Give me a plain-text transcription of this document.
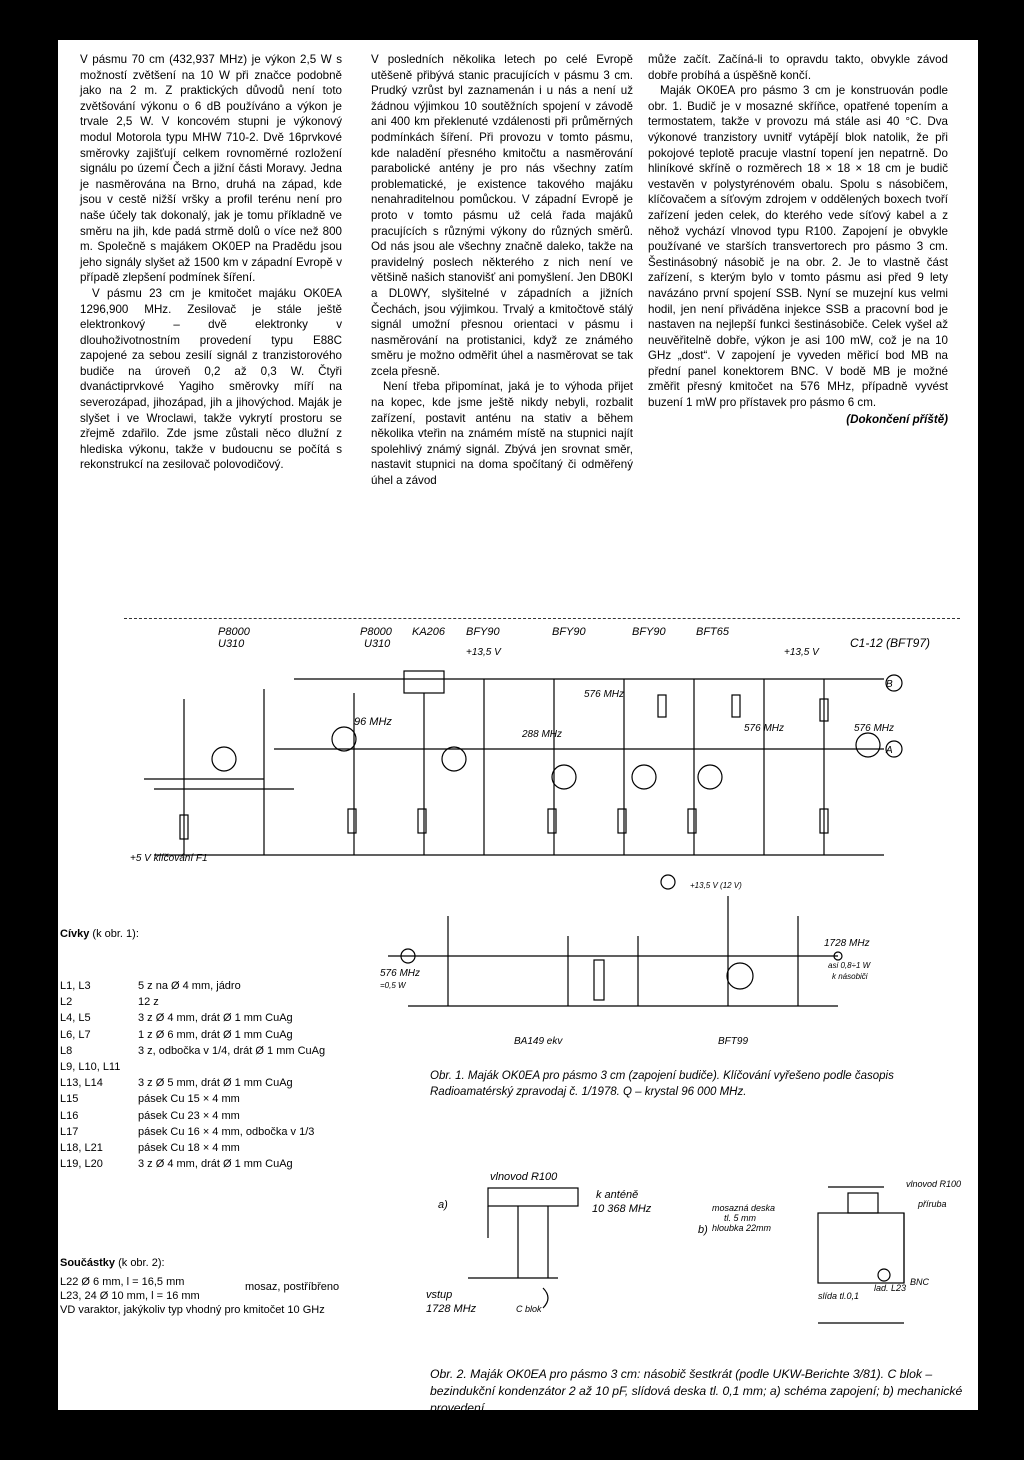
V pásmu 70 cm (432,937 MHz) je výkon 2,5 W s možností zvětšení na 10 W při značce podobně jako na 2 m. Z praktických důvodů není toto zvětšování výkonu o 6 dB používáno a výkon je trvale 2,5 W. V koncovém stupni je výkonový modul Motorola typu MHW 710-2. Dvě 16prvkové směrovky zajišťují celkem rovnoměrné rozložení signálu po území Čech a jižní části Moravy. Jedna je nasměrována na Brno, druhá na západ, kde jsou v cestě nižší vršky a profil terénu není pro naše účely tak dokonalý, jak je tomu příkladně ve směru na jih, kde padá strmě dolů o více než 800 m. Společně s majákem OK0EP na Pradědu jsou jeho signály slyšet až 1500 km v západní Evropě v případě zlepšení podmínek šíření.

V pásmu 23 cm je kmitočet majáku OK0EA 1296,900 MHz. Zesilovač je stále ještě elektronkový – dvě elektronky v dlouhoživotnostním provedení typu E88C zapojené za sebou zesilí signál z tranzistorového budiče na úroveň 0,2 až 0,3 W. Čtyři dvanáctiprvkové Yagiho směrovky míří na severozápad, jihozápad, jih a jihovýchod. Maják je slyšet i ve Wroclawi, takže vykrytí prostoru se zřejmě zdařilo. Zde jsme zůstali něco dlužní z hlediska výkonu, takže v budoucnu se počítá s rekonstrukcí na zesilovač polovodičový.

V posledních několika letech po celé Evropě utěšeně přibývá stanic pracujících v pásmu 3 cm. Prudký vzrůst byl zaznamenán i u nás a není už žádnou výjimkou 10 soutěžních spojení v závodě ani 400 km překlenuté vzdálenosti při průměrných podmínkách šíření. Při provozu v tomto pásmu, kde naladění přesného kmitočtu a nasměrování parabolické antény je pro nás všechny zatím problematické, je existence takového majáku nenahraditelnou pomůckou. V západní Evropě je proto v tomto pásmu už celá řada majáků pracujících s různými výkony do různých směrů. Od nás jsou ale všechny značně daleko, takže na pravidelný poslech některého z nich není ve většině našich stanovišť ani pomyšlení. Jen DB0KI a DL0WY, slyšitelné v západních a jižních Čechách, jsou výjimkou. Trvalý a kmitočtově stálý signál umožní přesnou orientaci v pásmu i nasměrování na protistanici, když ze známého směru je možno odměřit úhel a nasměrovat se tak zcela přesně.

Není třeba připomínat, jaká je to výhoda přijet na kopec, kde jsme ještě nikdy nebyli, rozbalit zařízení, postavit anténu na stativ a během několika vteřin na známém místě na stupnici najít spolehlivý známý signál. Zbývá jen srovnat směr, nastavit stupnici na doma spočítaný či odměřený úhel a závod

může začít. Začíná-li to opravdu takto, obvykle závod dobře probíhá a úspěšně končí.

Maják OK0EA pro pásmo 3 cm je konstruován podle obr. 1. Budič je v mosazné skříňce, opatřené topením a termostatem, takže v provozu má stále asi 40 °C. Dva výkonové tranzistory uvnitř vytápějí blok natolik, že při pokojové teplotě pracuje vlastní topení jen nepatrně. Do hliníkové skříně o rozměrech 18 × 18 × 18 cm je budič vestavěn v polystyrénovém obalu. Spolu s násobičem, klíčovačem a síťovým zdrojem v oddělených boxech tvoří zařízení jeden celek, do kterého vede síťový kabel a z něhož vychází vlnovod typu R100. Zapojení je obvykle používané ve starších transvertorech pro pásmo 3 cm. Šestinásobný násobič je na obr. 2. Je to vlastně část zařízení, s kterým bylo v tomto pásmu asi před 9 lety navázáno první spojení SSB. Nyní se muzejní kus velmi hodil, jen není přiváděna injekce SSB a pracovní bod je nastaven na nejlepší funkci šestinásobiče. Celek vyšel až neuvěřitelně dobře, výkon je asi 100 mW, což je na 10 GHz „dost“. V zapojení je vyveden měřicí bod MB na přední panel konektorem BNC. V bodě MB je možné změřit přesný kmitočet na 576 MHz, případně vyvést buzení 1 mW pro přístavek pro pásmo 6 cm.

(Dokončení příště)
P8000
U310
P8000
U310
KA206 BFY90	BFY90	BFY90	BFT65
C1-12 (BFT97)
+13,5 V	+13,5 V
96 MHz
576 MHz
288 MHz
576 MHz	576 MHz
+5 V klíčování F1
B
A
Cívky (k obr. 1):
L1, L3	5 z na Ø 4 mm, jádro
L2	12 z
L4, L5	3 z Ø 4 mm, drát Ø 1 mm CuAg
L6, L7	1 z Ø 6 mm, drát Ø 1 mm CuAg
L8	3 z, odbočka v 1/4, drát Ø 1 mm CuAg
L9, L10, L11	
L13, L14	3 z Ø 5 mm, drát Ø 1 mm CuAg
L15	pásek Cu 15 × 4 mm
L16	pásek Cu 23 × 4 mm
L17	pásek Cu 16 × 4 mm, odbočka v 1/3
L18, L21	pásek Cu 18 × 4 mm
L19, L20	3 z Ø 4 mm, drát Ø 1 mm CuAg
576 MHz
=0,5 W
BA149 ekv	BFT99
1728 MHz
asi 0,8÷1 W
k násobiči
+13,5 V (12 V)
Obr. 1. Maják OK0EA pro pásmo 3 cm (zapojení budiče). Klíčování vyřešeno podle časopis Radioamatérský zpravodaj č. 1/1978. Q – krystal 96 000 MHz.
a)
vlnovod R100
k anténě
10 368 MHz
vstup
1728 MHz	C blok
b)
mosazná deska
tl. 5 mm
hloubka 22mm
vlnovod R100
příruba
slída tl.0,1
lad. L23
BNC
Součástky (k obr. 2):
L22 Ø 6 mm, l = 16,5 mm
L23, 24 Ø 10 mm, l = 16 mm
mosaz, postříbřeno
VD varaktor, jakýkoliv typ vhodný pro kmitočet 10 GHz
Obr. 2. Maják OK0EA pro pásmo 3 cm: násobič šestkrát (podle UKW-Berichte 3/81). C blok – bezindukční kondenzátor 2 až 10 pF, slídová deska tl. 0,1 mm; a) schéma zapojení; b) mechanické provedení
A/3
92	Amatérské RADIO	139
